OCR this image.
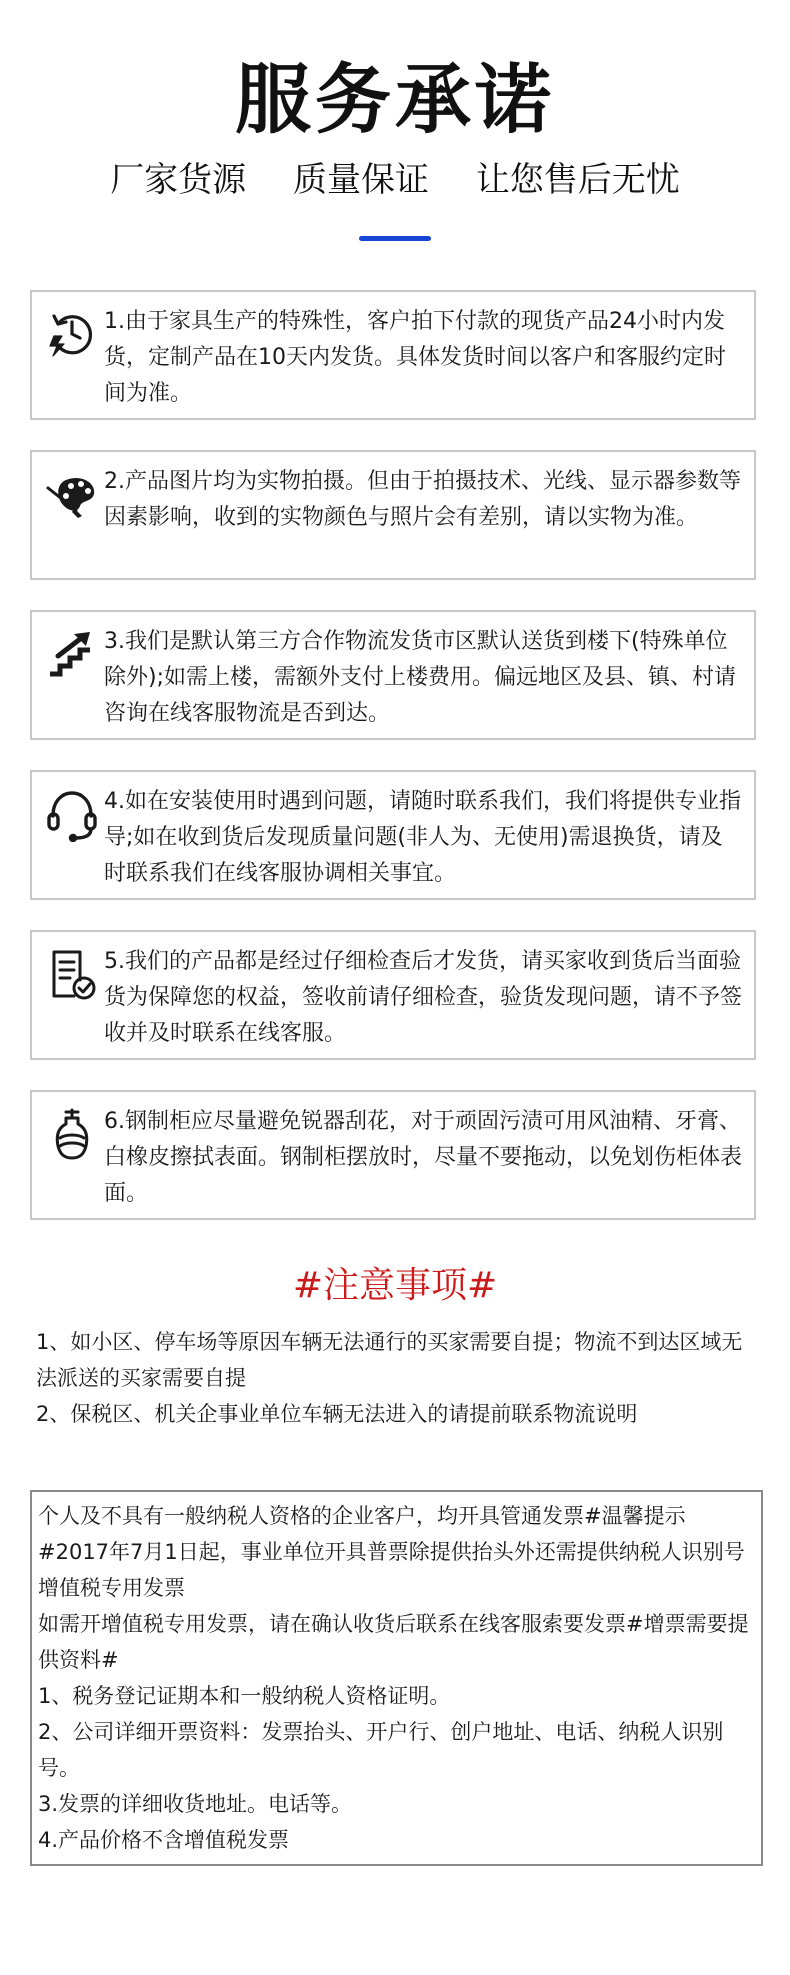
服务承诺
厂家货源 质量保证 让您售后无忧
1.由于家具生产的特殊性，客户拍下付款的现货产品24小时内发货，定制产品在10天内发货。具体发货时间以客户和客服约定时间为准。
2.产品图片均为实物拍摄。但由于拍摄技术、光线、显示器参数等因素影响，收到的实物颜色与照片会有差别，请以实物为准。
3.我们是默认第三方合作物流发货市区默认送货到楼下(特殊单位除外);如需上楼，需额外支付上楼费用。偏远地区及县、镇、村请咨询在线客服物流是否到达。
4.如在安装使用时遇到问题，请随时联系我们，我们将提供专业指导;如在收到货后发现质量问题(非人为、无使用)需退换货，请及时联系我们在线客服协调相关事宜。
5.我们的产品都是经过仔细检查后才发货，请买家收到货后当面验货为保障您的权益，签收前请仔细检查，验货发现问题，请不予签收并及时联系在线客服。
6.钢制柜应尽量避免锐器刮花，对于顽固污渍可用风油精、牙膏、白橡皮擦拭表面。钢制柜摆放时，尽量不要拖动，以免划伤柜体表面。
#注意事项#

1、如小区、停车场等原因车辆无法通行的买家需要自提；物流不到达区域无法派送的买家需要自提

2、保税区、机关企事业单位车辆无法进入的请提前联系物流说明

个人及不具有一般纳税人资格的企业客户，均开具管通发票#温馨提示#2017年7月1日起，事业单位开具普票除提供抬头外还需提供纳税人识别号

增值税专用发票

如需开增值税专用发票，请在确认收货后联系在线客服索要发票#增票需要提供资料#

1、税务登记证期本和一般纳税人资格证明。

2、公司详细开票资料：发票抬头、开户行、创户地址、电话、纳税人识别号。

3.发票的详细收货地址。电话等。

4.产品价格不含增值税发票
